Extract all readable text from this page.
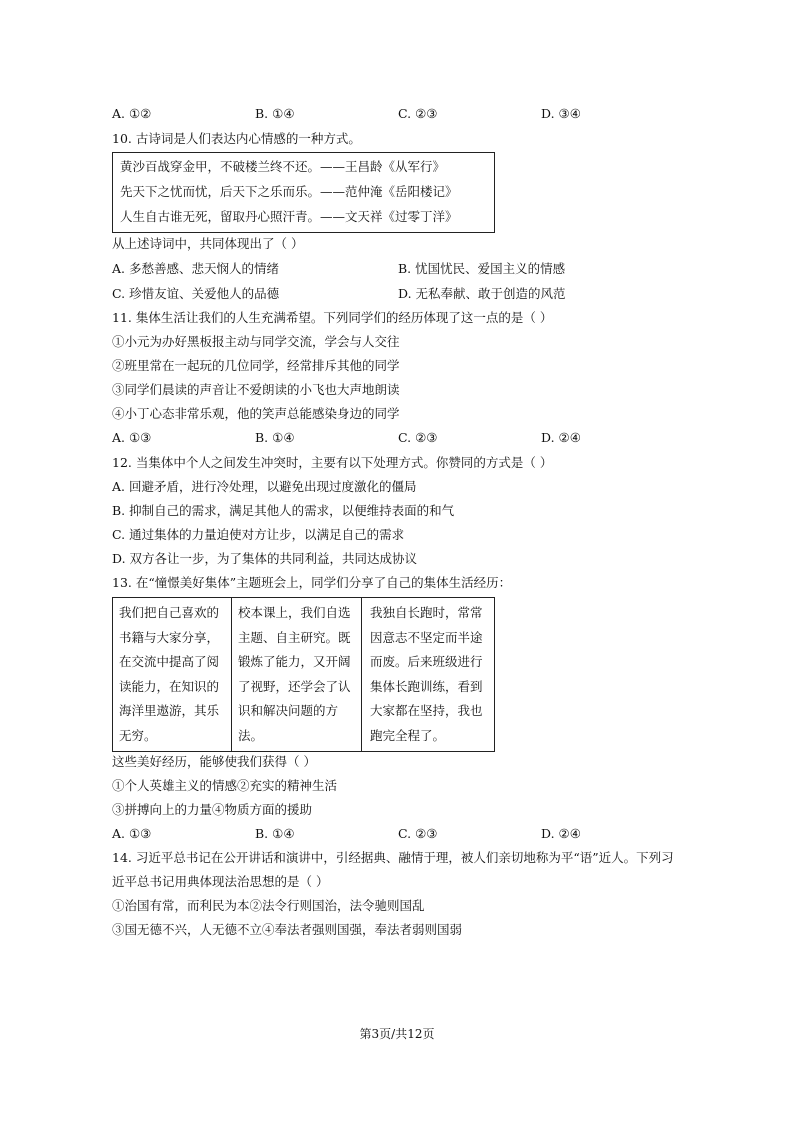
A. ①②	B. ①④	C. ②③	D. ③④
10. 古诗词是人们表达内心情感的一种方式。
黄沙百战穿金甲，不破楼兰终不还。——王昌龄《从军行》
先天下之忧而忧，后天下之乐而乐。——范仲淹《岳阳楼记》
人生自古谁无死，留取丹心照汗青。——文天祥《过零丁洋》
从上述诗词中，共同体现出了（ ）
A. 多愁善感、悲天悯人的情绪	B. 忧国忧民、爱国主义的情感
C. 珍惜友谊、关爱他人的品德	D. 无私奉献、敢于创造的风范
11. 集体生活让我们的人生充满希望。下列同学们的经历体现了这一点的是（ ）
①小元为办好黑板报主动与同学交流，学会与人交往
②班里常在一起玩的几位同学，经常排斥其他的同学
③同学们晨读的声音让不爱朗读的小飞也大声地朗读
④小丁心态非常乐观，他的笑声总能感染身边的同学
A. ①③	B. ①④	C. ②③	D. ②④
12. 当集体中个人之间发生冲突时，主要有以下处理方式。你赞同的方式是（ ）
A. 回避矛盾，进行冷处理，以避免出现过度激化的僵局
B. 抑制自己的需求，满足其他人的需求，以便维持表面的和气
C. 通过集体的力量迫使对方让步，以满足自己的需求
D. 双方各让一步，为了集体的共同利益，共同达成协议
13. 在“憧憬美好集体”主题班会上，同学们分享了自己的集体生活经历：
我们把自己喜欢的书籍与大家分享，在交流中提高了阅读能力，在知识的海洋里遨游，其乐无穷。
校本课上，我们自选主题、自主研究。既锻炼了能力，又开阔了视野，还学会了认识和解决问题的方法。
我独自长跑时，常常因意志不坚定而半途而废。后来班级进行集体长跑训练，看到大家都在坚持，我也跑完全程了。
这些美好经历，能够使我们获得（ ）
①个人英雄主义的情感②充实的精神生活
③拼搏向上的力量④物质方面的援助
A. ①③	B. ①④	C. ②③	D. ②④
14. 习近平总书记在公开讲话和演讲中，引经据典、融情于理，被人们亲切地称为平“语”近人。下列习
近平总书记用典体现法治思想的是（ ）
①治国有常，而利民为本②法令行则国治，法令驰则国乱
③国无德不兴，人无德不立④奉法者强则国强，奉法者弱则国弱
第3页/共12页
